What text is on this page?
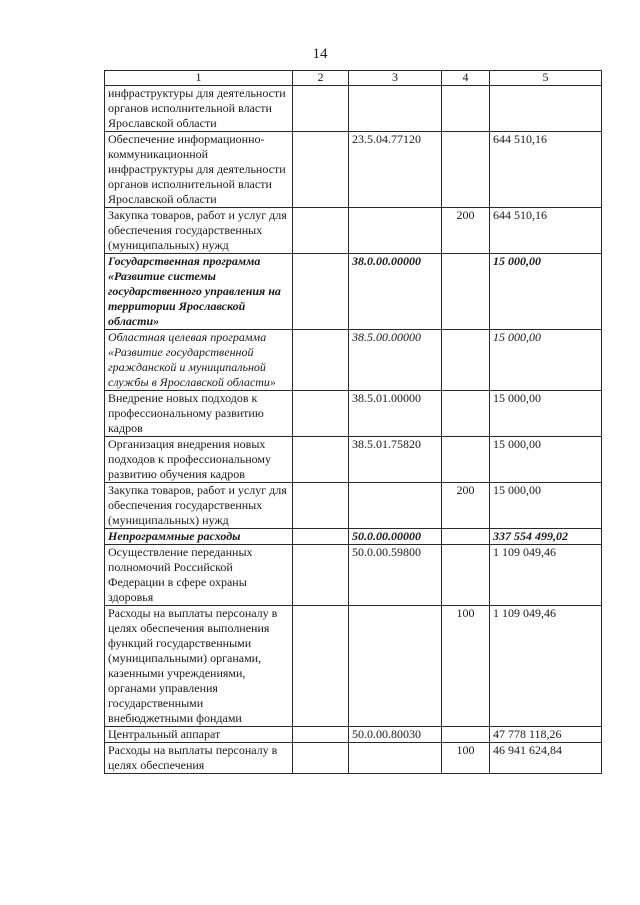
14
1	2	3	4	5
инфраструктуры для деятельности органов исполнительной власти Ярославской области				
Обеспечение информационно-коммуникационной инфраструктуры для деятельности органов исполнительной власти Ярославской области		23.5.04.77120		644 510,16
Закупка товаров, работ и услуг для обеспечения государственных (муниципальных) нужд			200	644 510,16
Государственная программа «Развитие системы государственного управления на территории Ярославской области»		38.0.00.00000		15 000,00
Областная целевая программа «Развитие государственной гражданской и муниципальной службы в Ярославской области»		38.5.00.00000		15 000,00
Внедрение новых подходов к профессиональному развитию кадров		38.5.01.00000		15 000,00
Организация внедрения новых подходов к профессиональному развитию обучения кадров		38.5.01.75820		15 000,00
Закупка товаров, работ и услуг для обеспечения государственных (муниципальных) нужд			200	15 000,00
Непрограммные расходы		50.0.00.00000		337 554 499,02
Осуществление переданных полномочий Российской Федерации в сфере охраны здоровья		50.0.00.59800		1 109 049,46
Расходы на выплаты персоналу в целях обеспечения выполнения функций государственными (муниципальными) органами, казенными учреждениями, органами управления государственными внебюджетными фондами			100	1 109 049,46
Центральный аппарат		50.0.00.80030		47 778 118,26
Расходы на выплаты персоналу в целях обеспечения			100	46 941 624,84
